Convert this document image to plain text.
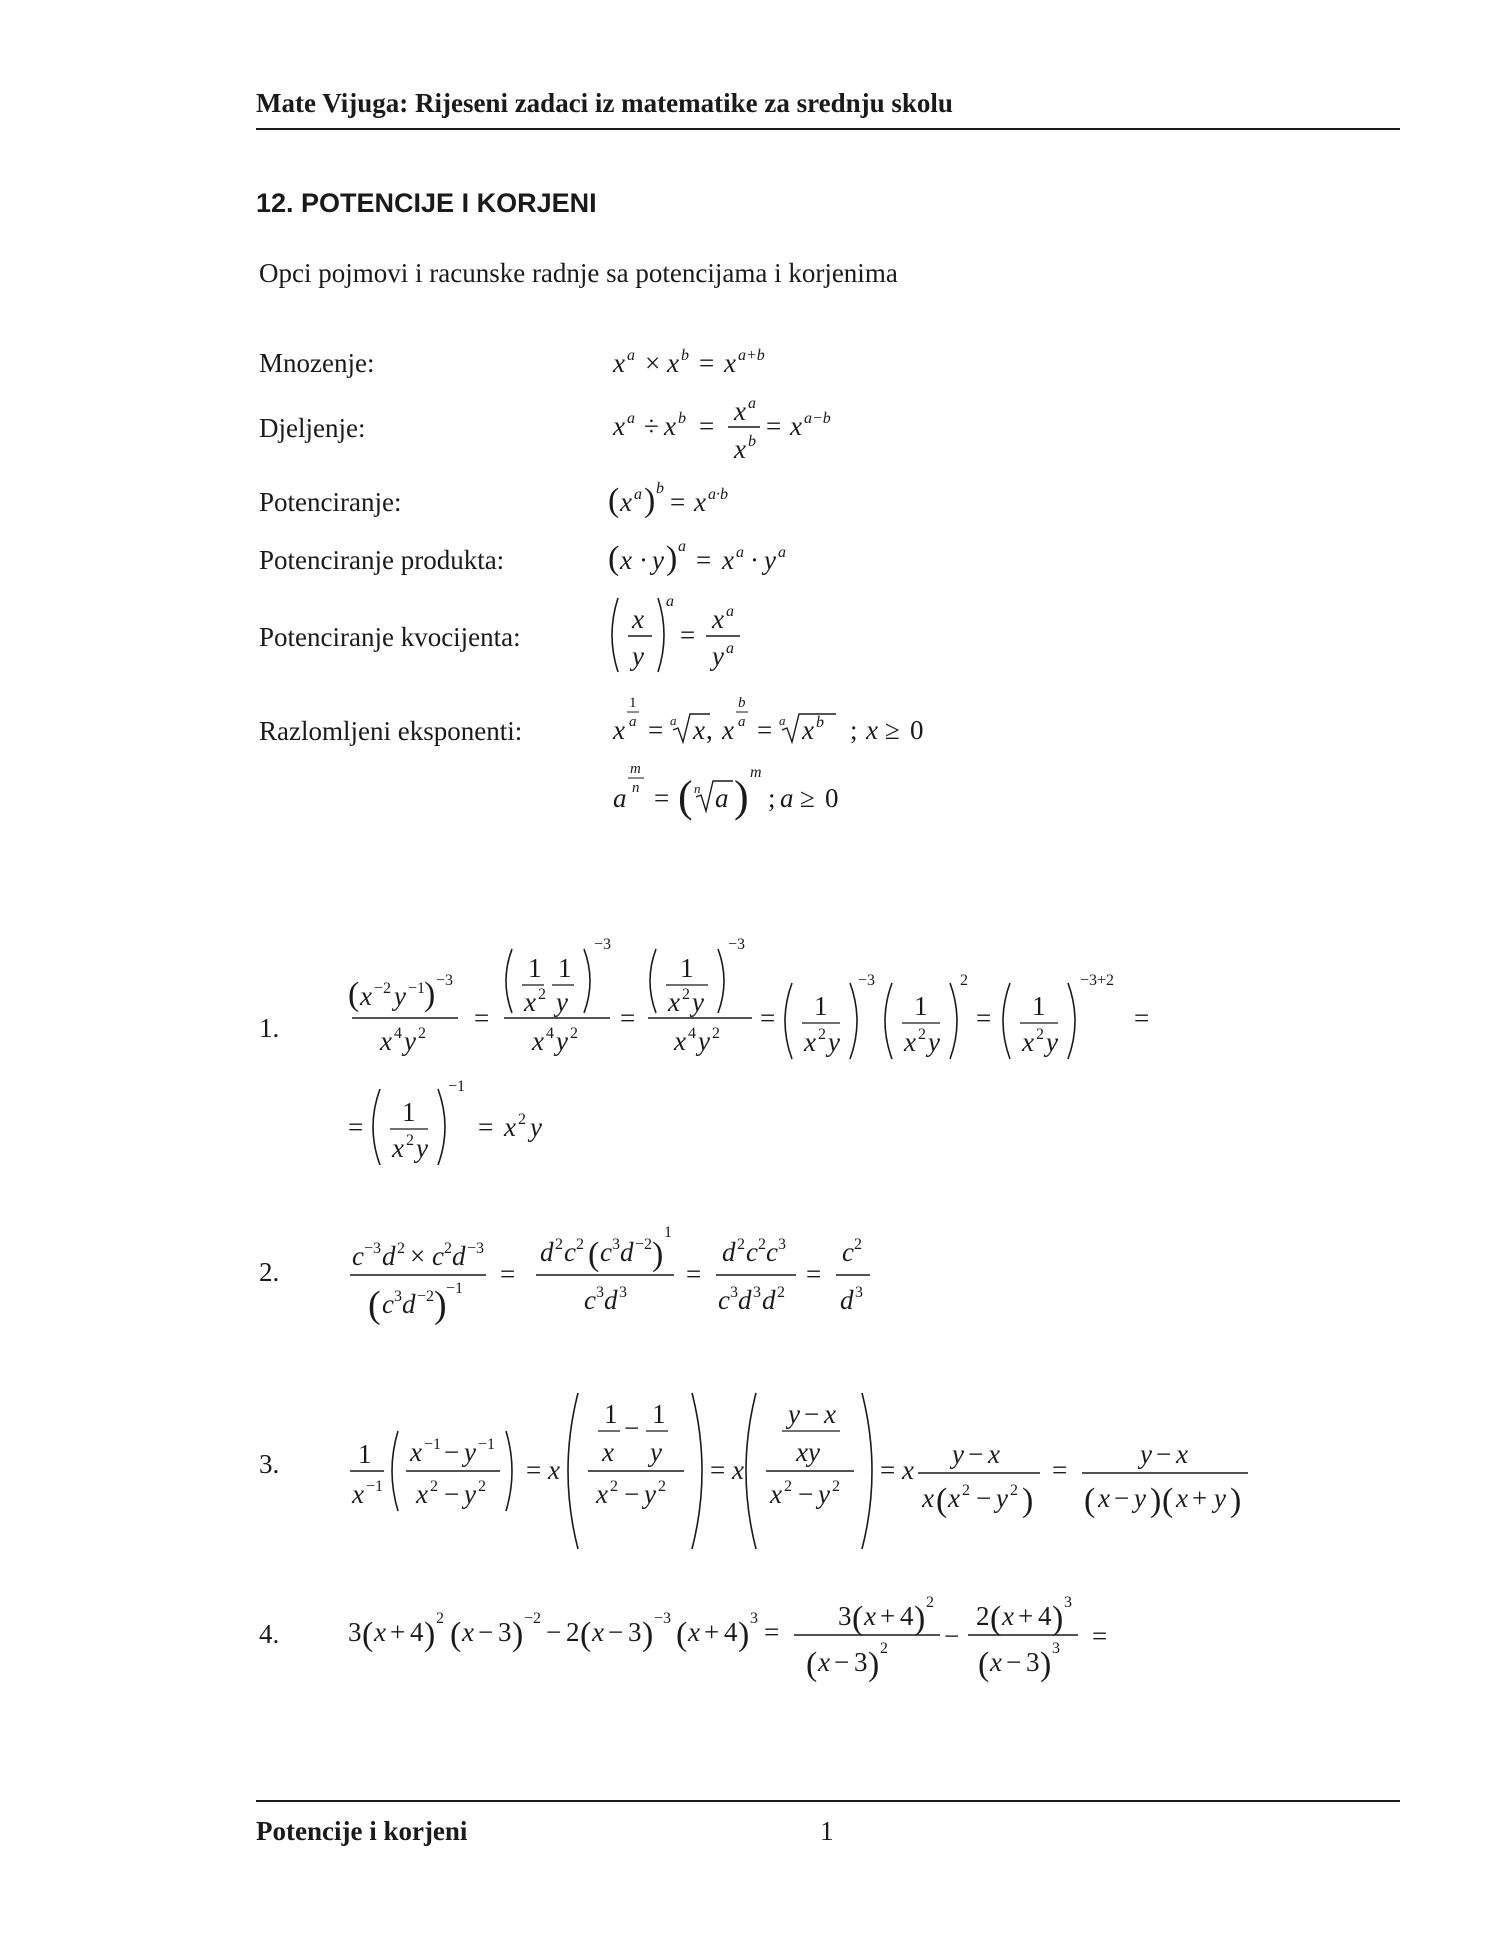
Mate Vijuga: Rijeseni zadaci iz matematike za srednju skolu
12. POTENCIJE I KORJENI
Opci pojmovi i racunske radnje sa potencijama i korjenima
Mnozenje:
Djeljenje:
Potenciranje:
Potenciranje produkta:
Potenciranje kvocijenta:
Razlomljeni eksponenti:
x a × x b = x a+b
x a ÷ x b = x a
x b
= x a−b
( x a ) b = x a·b
( x · y ) a = x a · y a
x
y
a
=
x a
y a
x
1
a = a x , x
b
a = a x b ; x ≥ 0
a
m
n = ( n a ) m
; a ≥ 0
1.
2.
3.
4.
( x −2 y −1
) −3
x 4 y 2
=
1
x 2
1
y
−3
x 4 y 2
=
1
x 2 y
−3
x 4 y 2
= 1
x 2 y
−3
1
x 2 y
2
= 1
x 2 y
−3+2
=
= 1
x 2 y
−1
= x 2 y
c −3 d 2 × c 2 d −3
( c 3 d −2 ) −1 =
d 2 c 2 ( c 3 d −2 )
1
c 3 d 3
=
d 2 c 2 c 3
c 3 d 3 d 2
=
c 2
d 3
1
x −1
x −1 − y −1
x 2 − y 2
= x
1
x
− 1
y
x 2 − y 2
= x
y − x
xy
x 2 − y 2
= x
y − x
x ( x 2 − y 2 )
=
y − x
( x − y ) ( x + y )
3 ( x + 4 ) 2 ( x − 3 ) −2 − 2 ( x − 3 ) −3 ( x + 4 ) 3 =
3 ( x + 4 ) 2
( x − 3 ) 2 −
2 ( x + 4 ) 3
( x − 3 ) 3 =
Potencije i korjeni	1
